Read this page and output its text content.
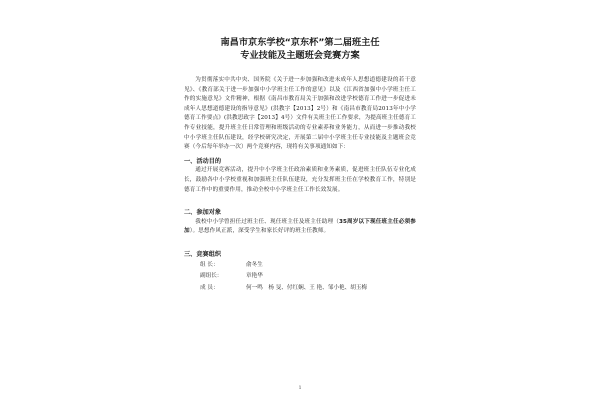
南昌市京东学校“京东杯”第二届班主任

专业技能及主题班会竞赛方案

为贯彻落实中共中央、国务院《关于进一步加强和改进未成年人思想道德建设的若干意见》、《教育部关于进一步加强中小学班主任工作的意见》以及《江西省加强中小学班主任工作的实施意见》文件精神，根据《南昌市教育局关于加强和改进学校德育工作进一步促进未成年人思想道德建设的指导意见》(洪教字【2013】2号）和《南昌市教育局2013年中小学德育工作要点》(洪教思政字【2013】4号）文件有关班主任工作要求，为提高班主任德育工作专业技能，提升班主任日常管理和班级活动的专业素养和业务能力，从而进一步推动我校中小学班主任队伍建设，经学校研究决定，开展第二届中小学班主任专业技能及主题班会竞赛（今后每年举办一次）两个竞赛内容，现将有关事项通知如下：

一、活动目的

通过开展竞赛活动，提升中小学班主任政治素质和业务素质，促进班主任队伍专业化成长，鼓励各中小学校重视和加强班主任队伍建设，充分发挥班主任在学校教育工作，特别是德育工作中的重要作用，推动全校中小学班主任工作长效发展。

二、参加对象

我校中小学曾担任过班主任、现任班主任及班主任助理（35周岁以下现任班主任必须参加）。思想作风正派，深受学生和家长好评的班主任教师。

三、竞赛组织

组 长：	俞冬生

副组长：	章艳华

成 员：	何一鸣　杨 旻、付红娴、王 艳、邹小艳、胡玉梅

1
